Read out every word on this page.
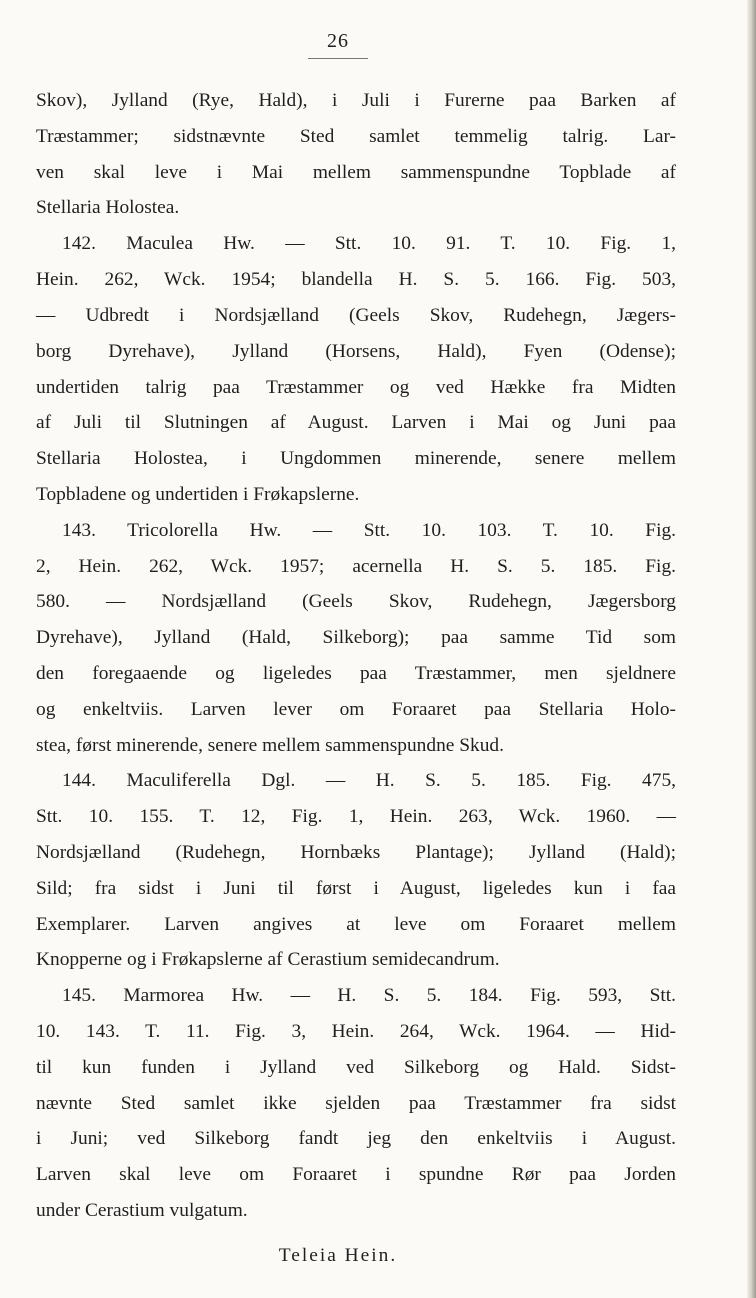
26
Skov), Jylland (Rye, Hald), i Juli i Furerne paa Barken af
Træstammer; sidstnævnte Sted samlet temmelig talrig. Lar-
ven skal leve i Mai mellem sammenspundne Topblade af
Stellaria Holostea.
142. Maculea Hw. — Stt. 10. 91. T. 10. Fig. 1,
Hein. 262, Wck. 1954; blandella H. S. 5. 166. Fig. 503,
— Udbredt i Nordsjælland (Geels Skov, Rudehegn, Jægers-
borg Dyrehave), Jylland (Horsens, Hald), Fyen (Odense);
undertiden talrig paa Træstammer og ved Hække fra Midten
af Juli til Slutningen af August. Larven i Mai og Juni paa
Stellaria Holostea, i Ungdommen minerende, senere mellem
Topbladene og undertiden i Frøkapslerne.
143. Tricolorella Hw. — Stt. 10. 103. T. 10. Fig.
2, Hein. 262, Wck. 1957; acernella H. S. 5. 185. Fig.
580. — Nordsjælland (Geels Skov, Rudehegn, Jægersborg
Dyrehave), Jylland (Hald, Silkeborg); paa samme Tid som
den foregaaende og ligeledes paa Træstammer, men sjeldnere
og enkeltviis. Larven lever om Foraaret paa Stellaria Holo-
stea, først minerende, senere mellem sammenspundne Skud.
144. Maculiferella Dgl. — H. S. 5. 185. Fig. 475,
Stt. 10. 155. T. 12, Fig. 1, Hein. 263, Wck. 1960. —
Nordsjælland (Rudehegn, Hornbæks Plantage); Jylland (Hald);
Sild; fra sidst i Juni til først i August, ligeledes kun i faa
Exemplarer. Larven angives at leve om Foraaret mellem
Knopperne og i Frøkapslerne af Cerastium semidecandrum.
145. Marmorea Hw. — H. S. 5. 184. Fig. 593, Stt.
10. 143. T. 11. Fig. 3, Hein. 264, Wck. 1964. — Hid-
til kun funden i Jylland ved Silkeborg og Hald. Sidst-
nævnte Sted samlet ikke sjelden paa Træstammer fra sidst
i Juni; ved Silkeborg fandt jeg den enkeltviis i August.
Larven skal leve om Foraaret i spundne Rør paa Jorden
under Cerastium vulgatum.
Teleia Hein.
